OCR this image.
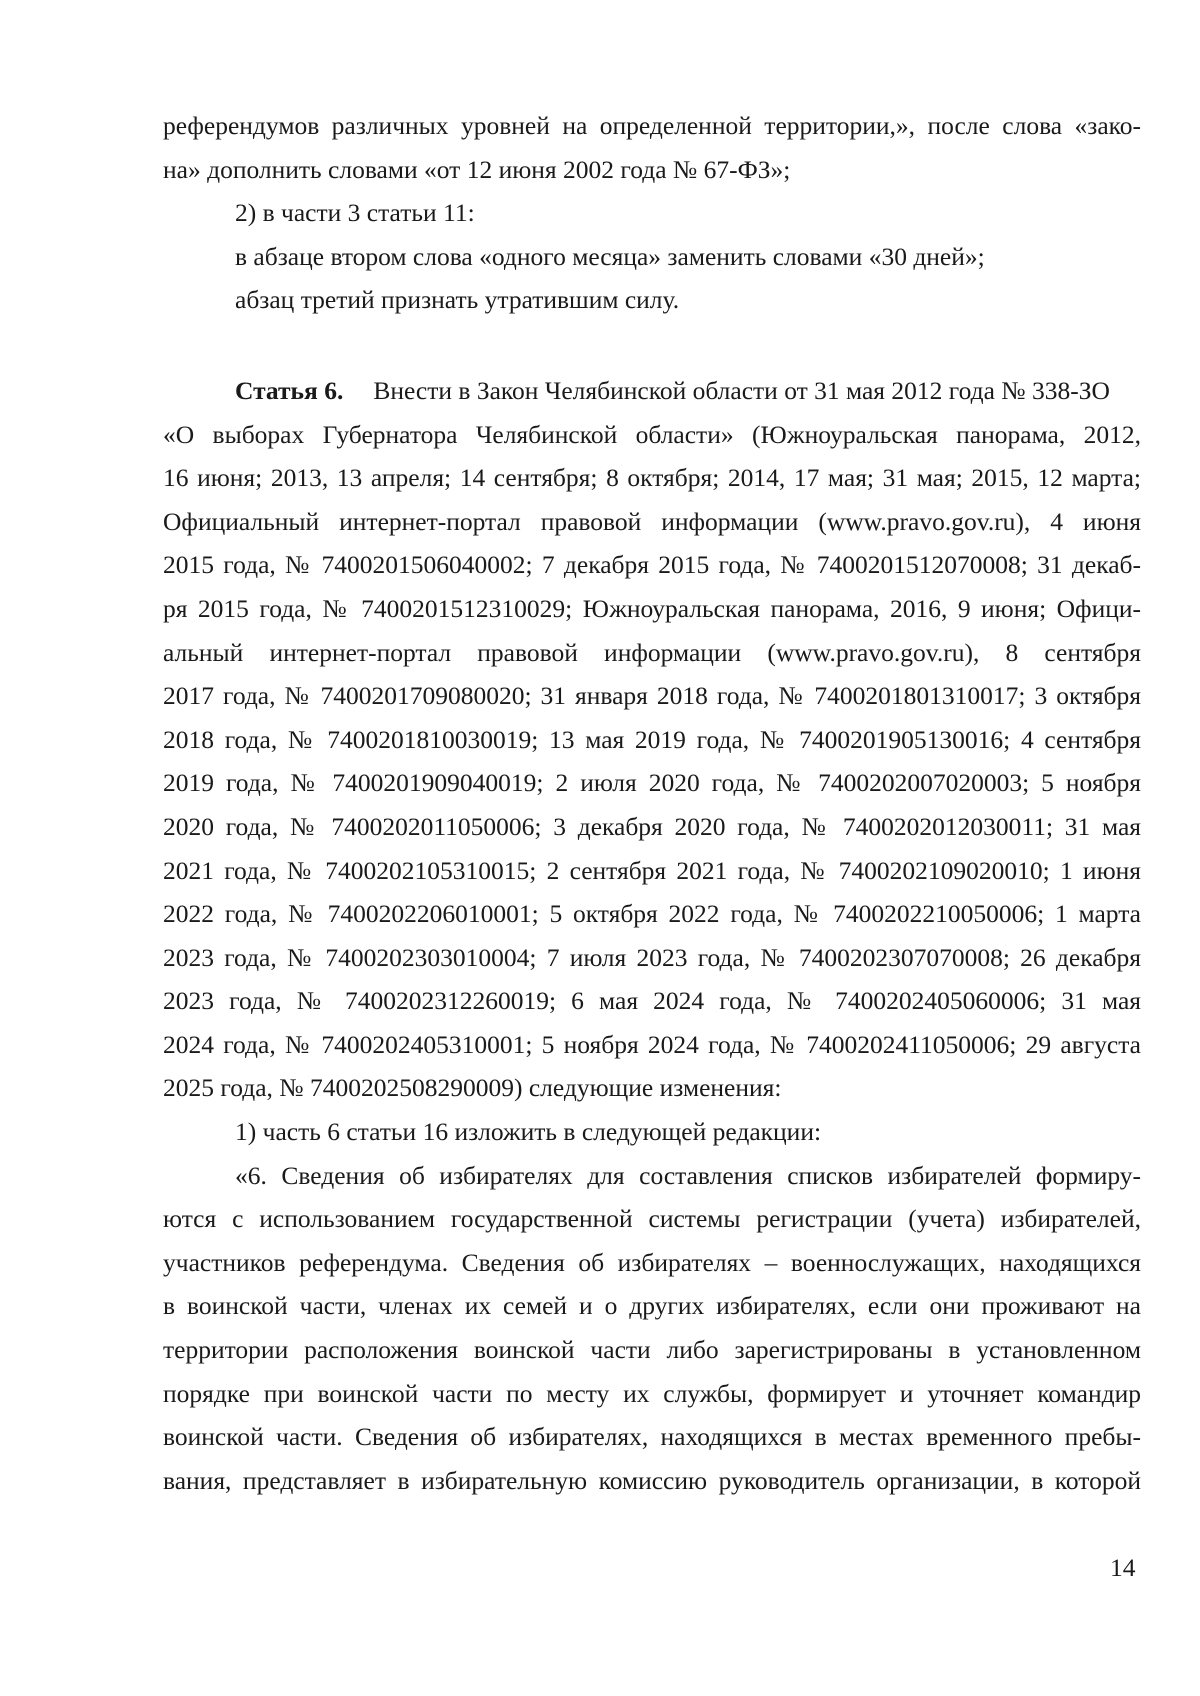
референдумов различных уровней на определенной территории,», после слова «зако-

на» дополнить словами «от 12 июня 2002 года № 67-ФЗ»;

2) в части 3 статьи 11:

в абзаце втором слова «одного месяца» заменить словами «30 дней»;

абзац третий признать утратившим силу.

Статья 6. Внести в Закон Челябинской области от 31 мая 2012 года № 338-ЗО

«О выборах Губернатора Челябинской области» (Южноуральская панорама, 2012,

16 июня; 2013, 13 апреля; 14 сентября; 8 октября; 2014, 17 мая; 31 мая; 2015, 12 марта;

Официальный интернет-портал правовой информации (www.pravo.gov.ru), 4 июня

2015 года, № 7400201506040002; 7 декабря 2015 года, № 7400201512070008; 31 декаб-

ря 2015 года, № 7400201512310029; Южноуральская панорама, 2016, 9 июня; Офици-

альный интернет-портал правовой информации (www.pravo.gov.ru), 8 сентября

2017 года, № 7400201709080020; 31 января 2018 года, № 7400201801310017; 3 октября

2018 года, № 7400201810030019; 13 мая 2019 года, № 7400201905130016; 4 сентября

2019 года, № 7400201909040019; 2 июля 2020 года, № 7400202007020003; 5 ноября

2020 года, № 7400202011050006; 3 декабря 2020 года, № 7400202012030011; 31 мая

2021 года, № 7400202105310015; 2 сентября 2021 года, № 7400202109020010; 1 июня

2022 года, № 7400202206010001; 5 октября 2022 года, № 7400202210050006; 1 марта

2023 года, № 7400202303010004; 7 июля 2023 года, № 7400202307070008; 26 декабря

2023 года, № 7400202312260019; 6 мая 2024 года, № 7400202405060006; 31 мая

2024 года, № 7400202405310001; 5 ноября 2024 года, № 7400202411050006; 29 августа

2025 года, № 7400202508290009) следующие изменения:

1) часть 6 статьи 16 изложить в следующей редакции:

«6. Сведения об избирателях для составления списков избирателей формиру-

ются с использованием государственной системы регистрации (учета) избирателей,

участников референдума. Сведения об избирателях – военнослужащих, находящихся

в воинской части, членах их семей и о других избирателях, если они проживают на

территории расположения воинской части либо зарегистрированы в установленном

порядке при воинской части по месту их службы, формирует и уточняет командир

воинской части. Сведения об избирателях, находящихся в местах временного пребы-

вания, представляет в избирательную комиссию руководитель организации, в которой

14
